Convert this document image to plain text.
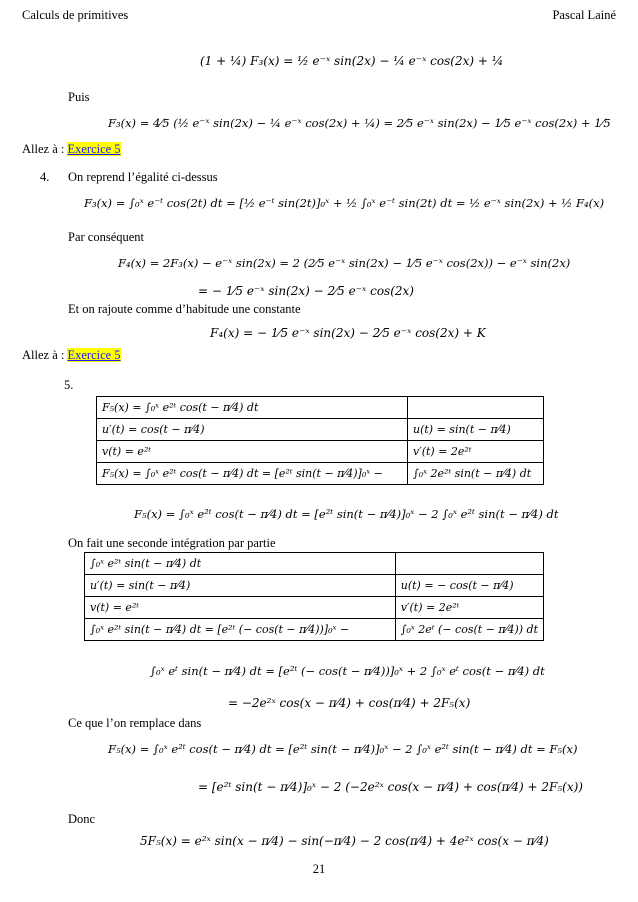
Calculs de primitives	Pascal Lainé
(1 + ¼) F₃(x) = ½ e⁻ˣ sin(2x) − ¼ e⁻ˣ cos(2x) + ¼
Puis
F₃(x) = 4⁄5 (½ e⁻ˣ sin(2x) − ¼ e⁻ˣ cos(2x) + ¼) = 2⁄5 e⁻ˣ sin(2x) − 1⁄5 e⁻ˣ cos(2x) + 1⁄5
Allez à : Exercice 5
4. On reprend l’égalité ci-dessus
F₃(x) = ∫₀ˣ e⁻ᵗ cos(2t) dt = [½ e⁻ᵗ sin(2t)]₀ˣ + ½ ∫₀ˣ e⁻ᵗ sin(2t) dt = ½ e⁻ˣ sin(2x) + ½ F₄(x)
Par conséquent
F₄(x) = 2F₃(x) − e⁻ˣ sin(2x) = 2 (2⁄5 e⁻ˣ sin(2x) − 1⁄5 e⁻ˣ cos(2x)) − e⁻ˣ sin(2x)
= − 1⁄5 e⁻ˣ sin(2x) − 2⁄5 e⁻ˣ cos(2x)
Et on rajoute comme d’habitude une constante
F₄(x) = − 1⁄5 e⁻ˣ sin(2x) − 2⁄5 e⁻ˣ cos(2x) + K
Allez à : Exercice 5
5.
F₅(x) = ∫₀ˣ e²ᵗ cos(t − π⁄4) dt	
u′(t) = cos(t − π⁄4)	u(t) = sin(t − π⁄4)
v(t) = e²ᵗ	v′(t) = 2e²ᵗ
F₅(x) = ∫₀ˣ e²ᵗ cos(t − π⁄4) dt = [e²ᵗ sin(t − π⁄4)]₀ˣ −	∫₀ˣ 2e²ᵗ sin(t − π⁄4) dt
F₅(x) = ∫₀ˣ e²ᵗ cos(t − π⁄4) dt = [e²ᵗ sin(t − π⁄4)]₀ˣ − 2 ∫₀ˣ e²ᵗ sin(t − π⁄4) dt
On fait une seconde intégration par partie
∫₀ˣ e²ᵗ sin(t − π⁄4) dt	
u′(t) = sin(t − π⁄4)	u(t) = − cos(t − π⁄4)
v(t) = e²ᵗ	v′(t) = 2e²ᵗ
∫₀ˣ e²ᵗ sin(t − π⁄4) dt = [e²ᵗ (− cos(t − π⁄4))]₀ˣ −	∫₀ˣ 2eᵗ (− cos(t − π⁄4)) dt
∫₀ˣ eᵗ sin(t − π⁄4) dt = [e²ᵗ (− cos(t − π⁄4))]₀ˣ + 2 ∫₀ˣ eᵗ cos(t − π⁄4) dt
= −2e²ˣ cos(x − π⁄4) + cos(π⁄4) + 2F₅(x)
Ce que l’on remplace dans
F₅(x) = ∫₀ˣ e²ᵗ cos(t − π⁄4) dt = [e²ᵗ sin(t − π⁄4)]₀ˣ − 2 ∫₀ˣ e²ᵗ sin(t − π⁄4) dt = F₅(x)
= [e²ᵗ sin(t − π⁄4)]₀ˣ − 2 (−2e²ˣ cos(x − π⁄4) + cos(π⁄4) + 2F₅(x))
Donc
5F₅(x) = e²ˣ sin(x − π⁄4) − sin(−π⁄4) − 2 cos(π⁄4) + 4e²ˣ cos(x − π⁄4)
21
